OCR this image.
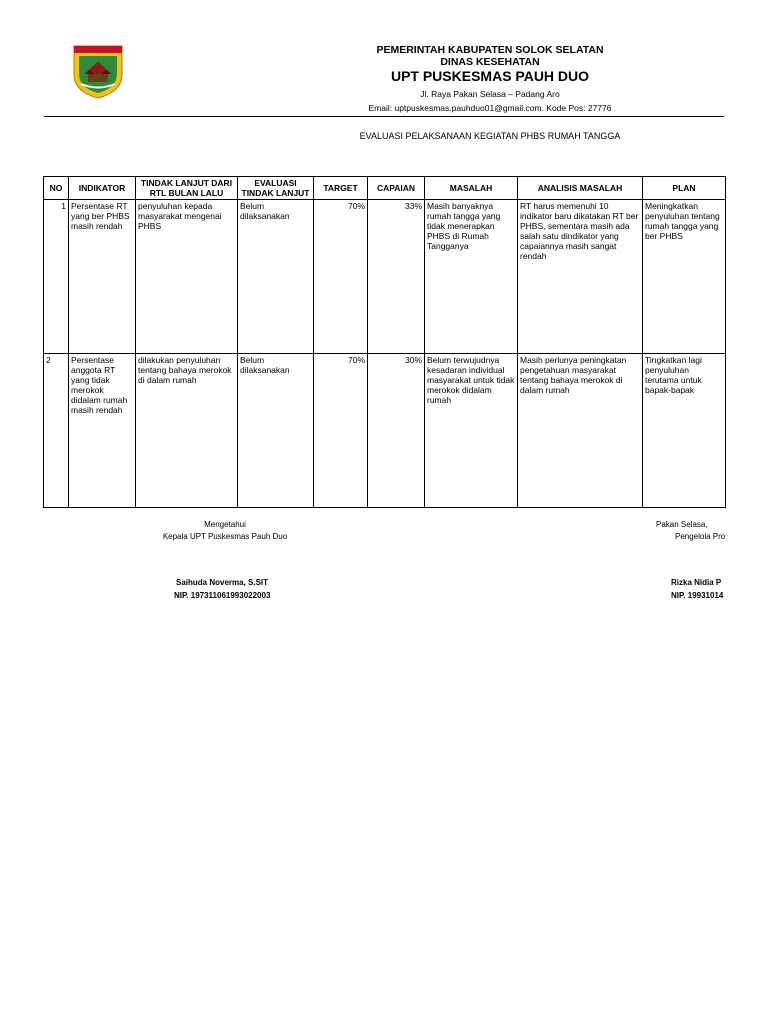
PEMERINTAH KABUPATEN SOLOK SELATAN
DINAS KESEHATAN
UPT PUSKESMAS PAUH DUO
Jl. Raya Pakan Selasa – Padang Aro
Email: uptpuskesmas.pauhduo01@gmail.com. Kode Pos: 27776
EVALUASI PELAKSANAAN KEGIATAN PHBS RUMAH TANGGA
NO	INDIKATOR	TINDAK LANJUT DARI RTL BULAN LALU	EVALUASI TINDAK LANJUT	TARGET	CAPAIAN	MASALAH	ANALISIS MASALAH	PLAN
1	Persentase RT yang ber PHBS masih rendah	penyuluhan kepada masyarakat mengenai PHBS	Belum dilaksanakan	70%	33%	Masih banyaknya rumah tangga yang tidak menerapkan PHBS di Rumah Tangganya	RT harus memenuhi 10 indikator baru dikatakan RT ber PHBS, sementara masih ada salah satu dindikator yang capaiannya masih sangat rendah	Meningkatkan penyuluhan tentang rumah tangga yang ber PHBS
2	Persentase anggota RT yang tidak merokok didalam rumah masih rendah	dilakukan penyuluhan tentang bahaya merokok di dalam rumah	Belum dilaksanakan	70%	30%	Belum terwujudnya kesadaran individual masyarakat untuk tidak merokok didalam rumah	Masih perlunya peningkatan pengetahuan masyarakat tentang bahaya merokok di dalam rumah	Tingkatkan lagi penyuluhan terutama untuk bapak-bapak
Mengetahui
Kepala UPT Puskesmas Pauh Duo
Pakan Selasa,
Pengelola Pro
Saihuda Noverma, S.SIT
NIP. 197311061993022003
Rizka Nidia P
NIP. 19931014
